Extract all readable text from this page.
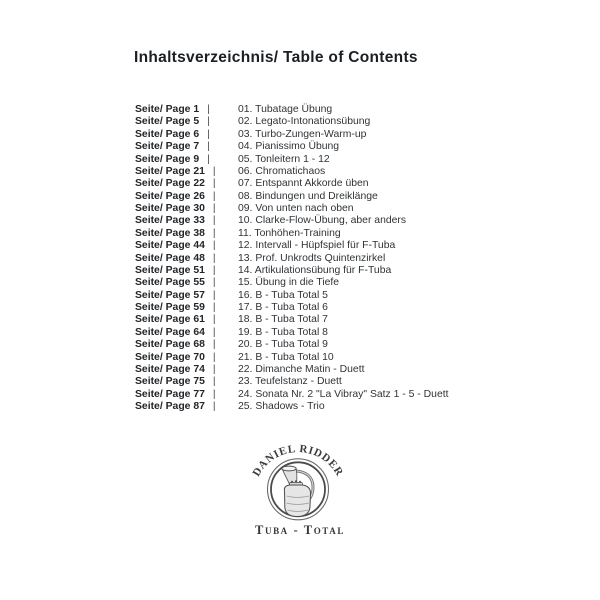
Inhaltsverzeichnis/ Table of Contents
Seite/ Page 1 |	01. Tubatage Übung
Seite/ Page 5 |	02. Legato-Intonationsübung
Seite/ Page 6 |	03. Turbo-Zungen-Warm-up
Seite/ Page 7 |	04. Pianissimo Übung
Seite/ Page 9 |	05. Tonleitern 1 - 12
Seite/ Page 21 | 06. Chromatichaos
Seite/ Page 22 | 07. Entspannt Akkorde üben
Seite/ Page 26 | 08. Bindungen und Dreiklänge
Seite/ Page 30 | 09. Von unten nach oben
Seite/ Page 33 | 10. Clarke-Flow-Übung, aber anders
Seite/ Page 38 | 11. Tonhöhen-Training
Seite/ Page 44 | 12. Intervall - Hüpfspiel für F-Tuba
Seite/ Page 48 | 13. Prof. Unkrodts Quintenzirkel
Seite/ Page 51 | 14. Artikulationsübung für F-Tuba
Seite/ Page 55 | 15. Übung in die Tiefe
Seite/ Page 57 | 16. B - Tuba Total 5
Seite/ Page 59 | 17. B - Tuba Total 6
Seite/ Page 61 | 18. B - Tuba Total 7
Seite/ Page 64 | 19. B - Tuba Total 8
Seite/ Page 68 | 20. B - Tuba Total 9
Seite/ Page 70 | 21. B - Tuba Total 10
Seite/ Page 74 | 22. Dimanche Matin - Duett
Seite/ Page 75 | 23. Teufelstanz - Duett
Seite/ Page 77 | 24. Sonata Nr. 2 "La Vibray" Satz 1 - 5 - Duett
Seite/ Page 87 | 25. Shadows - Trio
DANIEL RIDDER
Tuba - Total
